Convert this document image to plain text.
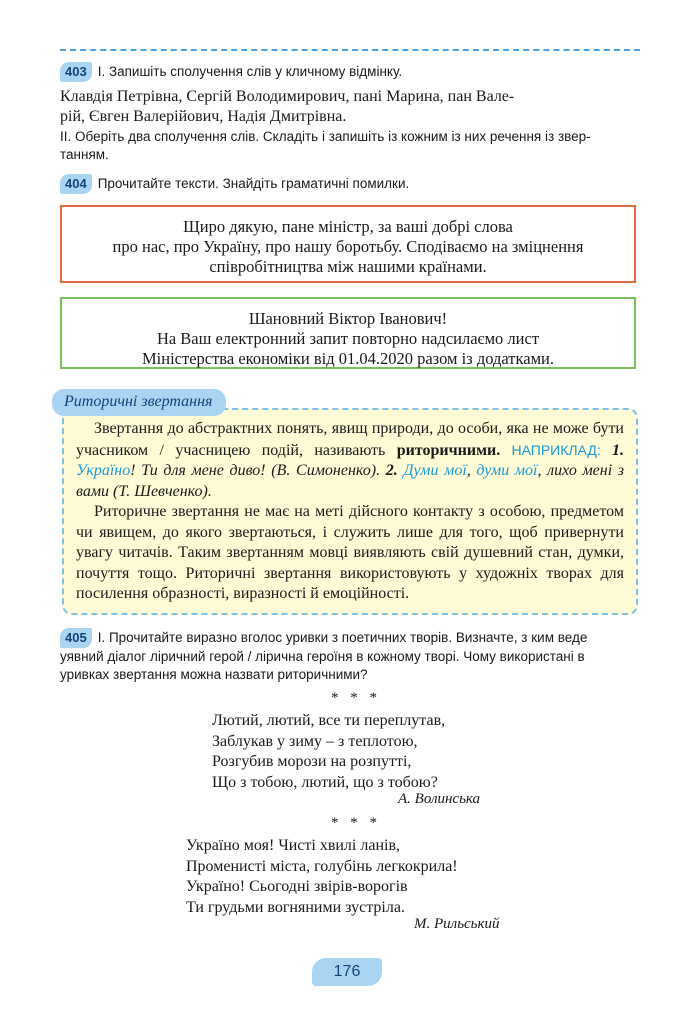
403 І. Запишіть сполучення слів у кличному відмінку.
Клавдія Петрівна, Сергій Володимирович, пані Марина, пан Вале-
рій, Євген Валерійович, Надія Дмитрівна.
ІІ. Оберіть два сполучення слів. Складіть і запишіть із кожним із них речення із звер-
танням.
404 Прочитайте тексти. Знайдіть граматичні помилки.
Щиро дякую, пане міністр, за ваші добрі слова
про нас, про Україну, про нашу боротьбу. Сподіваємо на зміцнення
співробітництва між нашими країнами.
Шановний Віктор Іванович!
На Ваш електронний запит повторно надсилаємо лист
Міністерства економіки від 01.04.2020 разом із додатками.
Риторичні звертання

Звертання до абстрактних понять, явищ природи, до особи, яка не може бути учасником / учасницею подій, називають риторичними. НАПРИКЛАД: 1. Україно! Ти для мене диво! (В. Симоненко). 2. Думи мої, думи мої, лихо мені з вами (Т. Шевченко).

Риторичне звертання не має на меті дійсного контакту з особою, предметом чи явищем, до якого звертаються, і служить лише для того, щоб привернути увагу читачів. Таким звертанням мовці виявляють свій душевний стан, думки, почуття тощо. Риторичні звертання використовують у художніх творах для посилення образності, виразності й емоційності.

405 І. Прочитайте виразно вголос уривки з поетичних творів. Визначте, з ким веде
уявний діалог ліричний герой / лірична героїня в кожному творі. Чому використані в
уривках звертання можна назвати риторичними?
* * *
Лютий, лютий, все ти переплутав,
Заблукав у зиму – з теплотою,
Розгубив морози на розпутті,
Що з тобою, лютий, що з тобою?
А. Волинська
* * *
Україно моя! Чисті хвилі ланів,
Променисті міста, голубінь легкокрила!
Україно! Сьогодні звірів-ворогів
Ти грудьми вогняними зустріла.
М. Рильський
176
